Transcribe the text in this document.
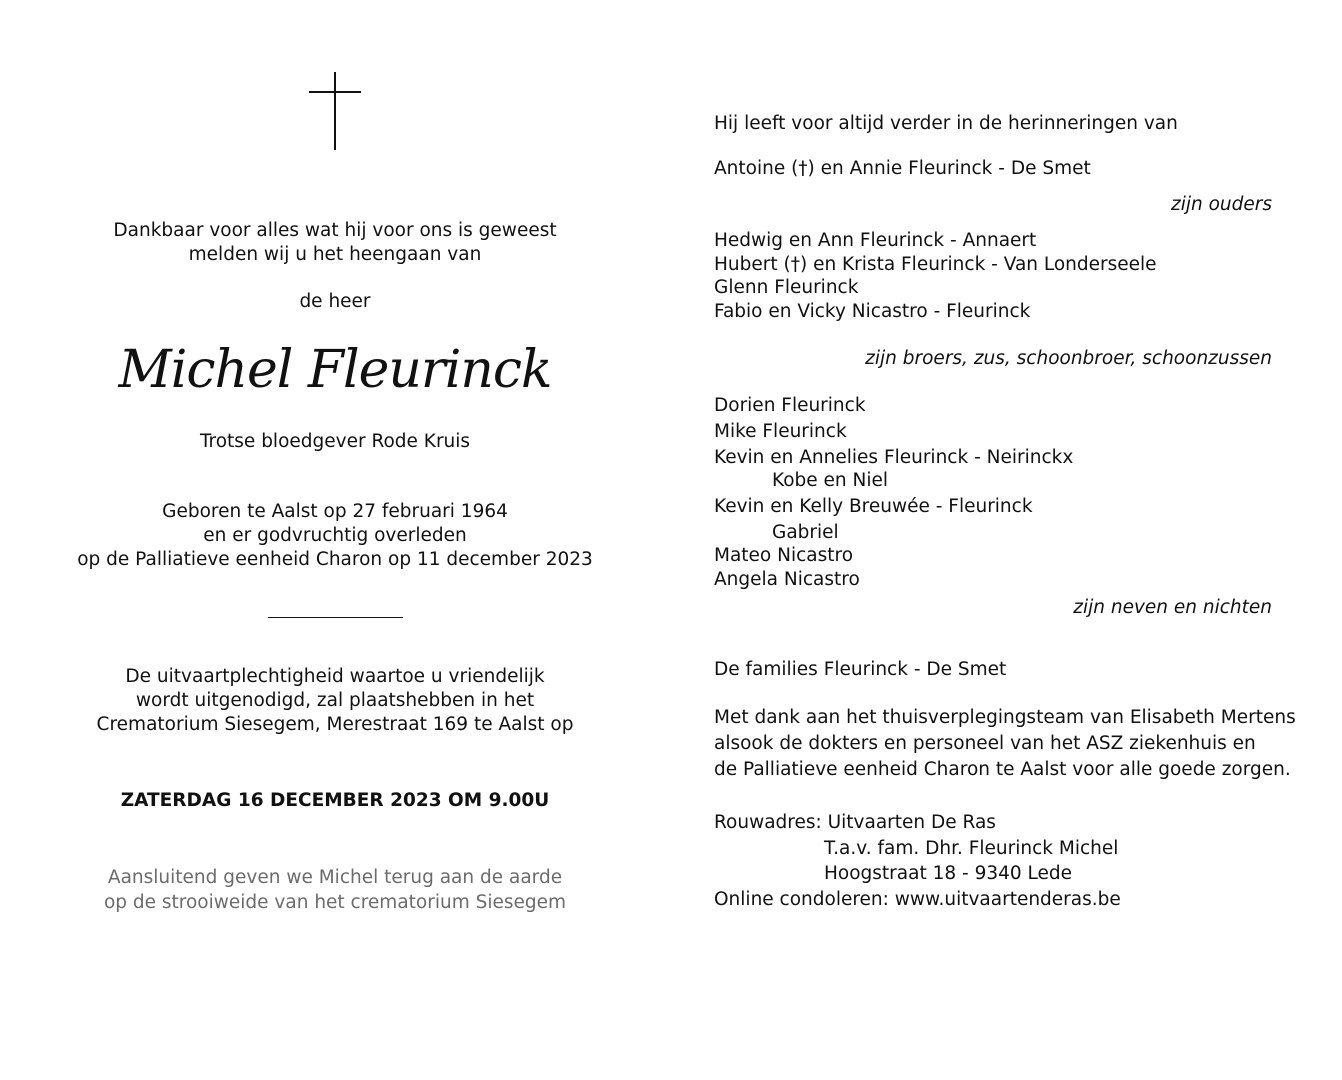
Dankbaar voor alles wat hij voor ons is geweest
melden wij u het heengaan van
de heer
Michel Fleurinck
Trotse bloedgever Rode Kruis
Geboren te Aalst op 27 februari 1964
en er godvruchtig overleden
op de Palliatieve eenheid Charon op 11 december 2023
De uitvaartplechtigheid waartoe u vriendelijk
wordt uitgenodigd, zal plaatshebben in het
Crematorium Siesegem, Merestraat 169 te Aalst op
ZATERDAG 16 DECEMBER 2023 OM 9.00U
Aansluitend geven we Michel terug aan de aarde
op de strooiweide van het crematorium Siesegem
Hij leeft voor altijd verder in de herinneringen van
Antoine (†) en Annie Fleurinck - De Smet
zijn ouders
Hedwig en Ann Fleurinck - Annaert
Hubert (†) en Krista Fleurinck - Van Londerseele
Glenn Fleurinck
Fabio en Vicky Nicastro - Fleurinck
zijn broers, zus, schoonbroer, schoonzussen
Dorien Fleurinck
Mike Fleurinck
Kevin en Annelies Fleurinck - Neirinckx
Kobe en Niel
Kevin en Kelly Breuwée - Fleurinck
Gabriel
Mateo Nicastro
Angela Nicastro
zijn neven en nichten
De families Fleurinck - De Smet
Met dank aan het thuisverplegingsteam van Elisabeth Mertens
alsook de dokters en personeel van het ASZ ziekenhuis en
de Palliatieve eenheid Charon te Aalst voor alle goede zorgen.
Rouwadres: Uitvaarten De Ras
T.a.v. fam. Dhr. Fleurinck Michel
Hoogstraat 18 - 9340 Lede
Online condoleren: www.uitvaartenderas.be
